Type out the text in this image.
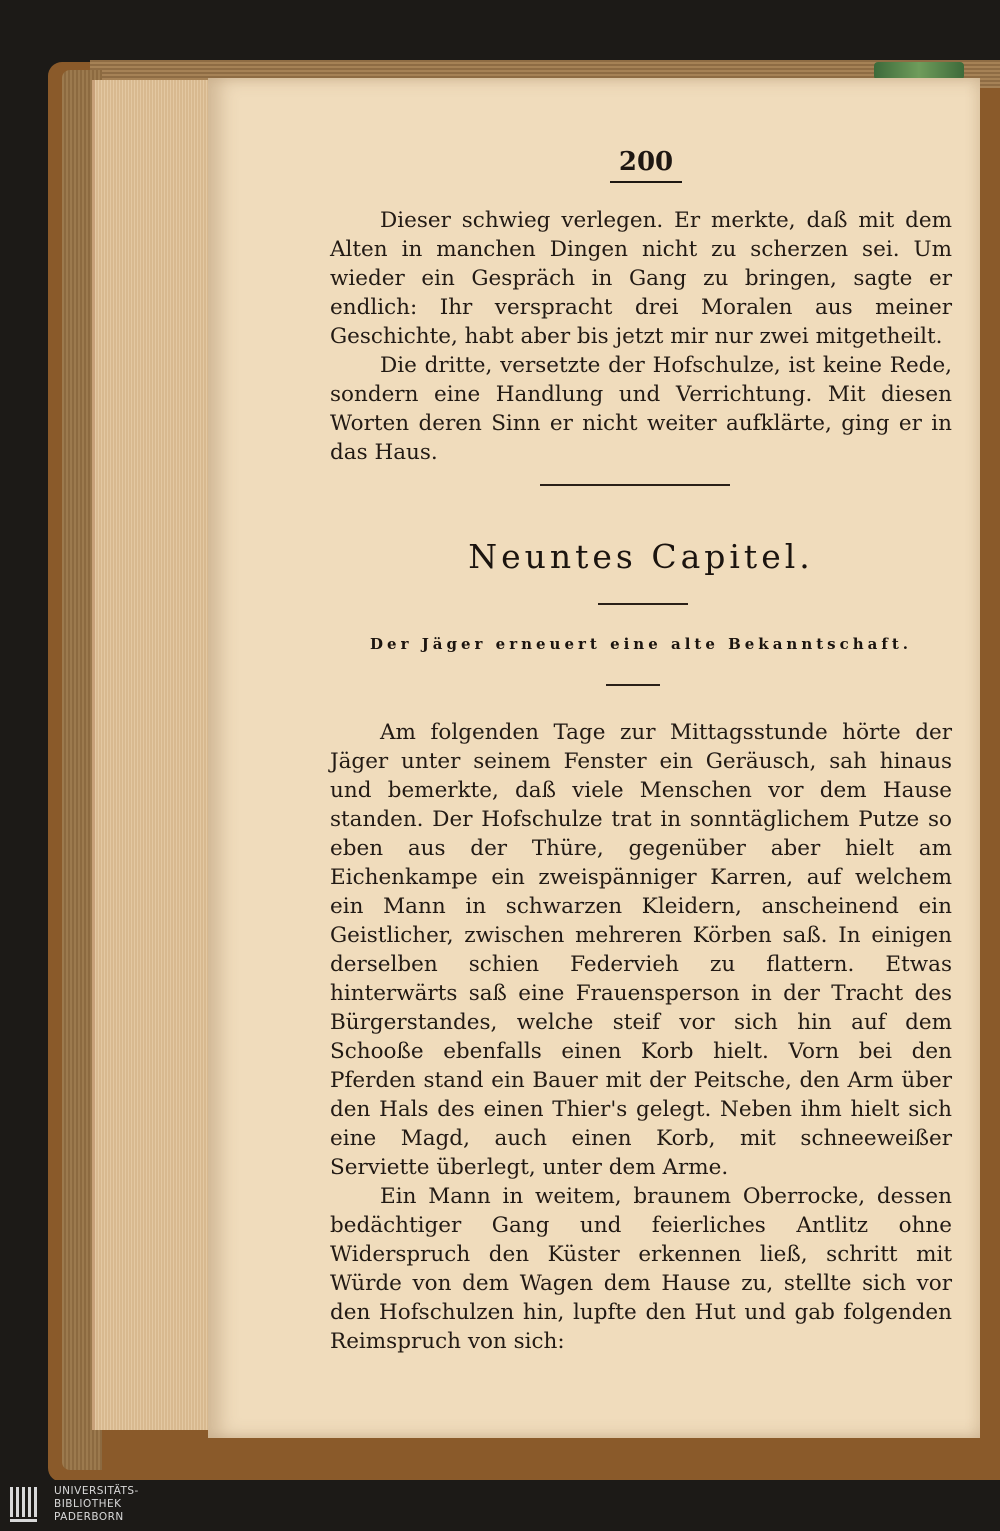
200

Dieser schwieg verlegen. Er merkte, daß mit dem Alten in manchen Dingen nicht zu scherzen sei. Um wieder ein Gespräch in Gang zu bringen, sagte er endlich: Ihr verspracht drei Moralen aus meiner Geschichte, habt aber bis jetzt mir nur zwei mitgetheilt.

Die dritte, versetzte der Hofschulze, ist keine Rede, sondern eine Handlung und Verrichtung. Mit diesen Worten deren Sinn er nicht weiter aufklärte, ging er in das Haus.

Neuntes Capitel.
Der Jäger erneuert eine alte Bekanntschaft.

Am folgenden Tage zur Mittagsstunde hörte der Jäger unter seinem Fenster ein Geräusch, sah hinaus und bemerkte, daß viele Menschen vor dem Hause standen. Der Hofschulze trat in sonntäglichem Putze so eben aus der Thüre, gegenüber aber hielt am Eichenkampe ein zweispänniger Karren, auf welchem ein Mann in schwarzen Kleidern, anscheinend ein Geistlicher, zwischen mehreren Körben saß. In einigen derselben schien Federvieh zu flattern. Etwas hinterwärts saß eine Frauensperson in der Tracht des Bürgerstandes, welche steif vor sich hin auf dem Schooße ebenfalls einen Korb hielt. Vorn bei den Pferden stand ein Bauer mit der Peitsche, den Arm über den Hals des einen Thier's gelegt. Neben ihm hielt sich eine Magd, auch einen Korb, mit schneeweißer Serviette überlegt, unter dem Arme.

Ein Mann in weitem, braunem Oberrocke, dessen bedächtiger Gang und feierliches Antlitz ohne Widerspruch den Küster erkennen ließ, schritt mit Würde von dem Wagen dem Hause zu, stellte sich vor den Hofschulzen hin, lupfte den Hut und gab folgenden Reimspruch von sich:

UNIVERSITÄTS-
BIBLIOTHEK
PADERBORN
